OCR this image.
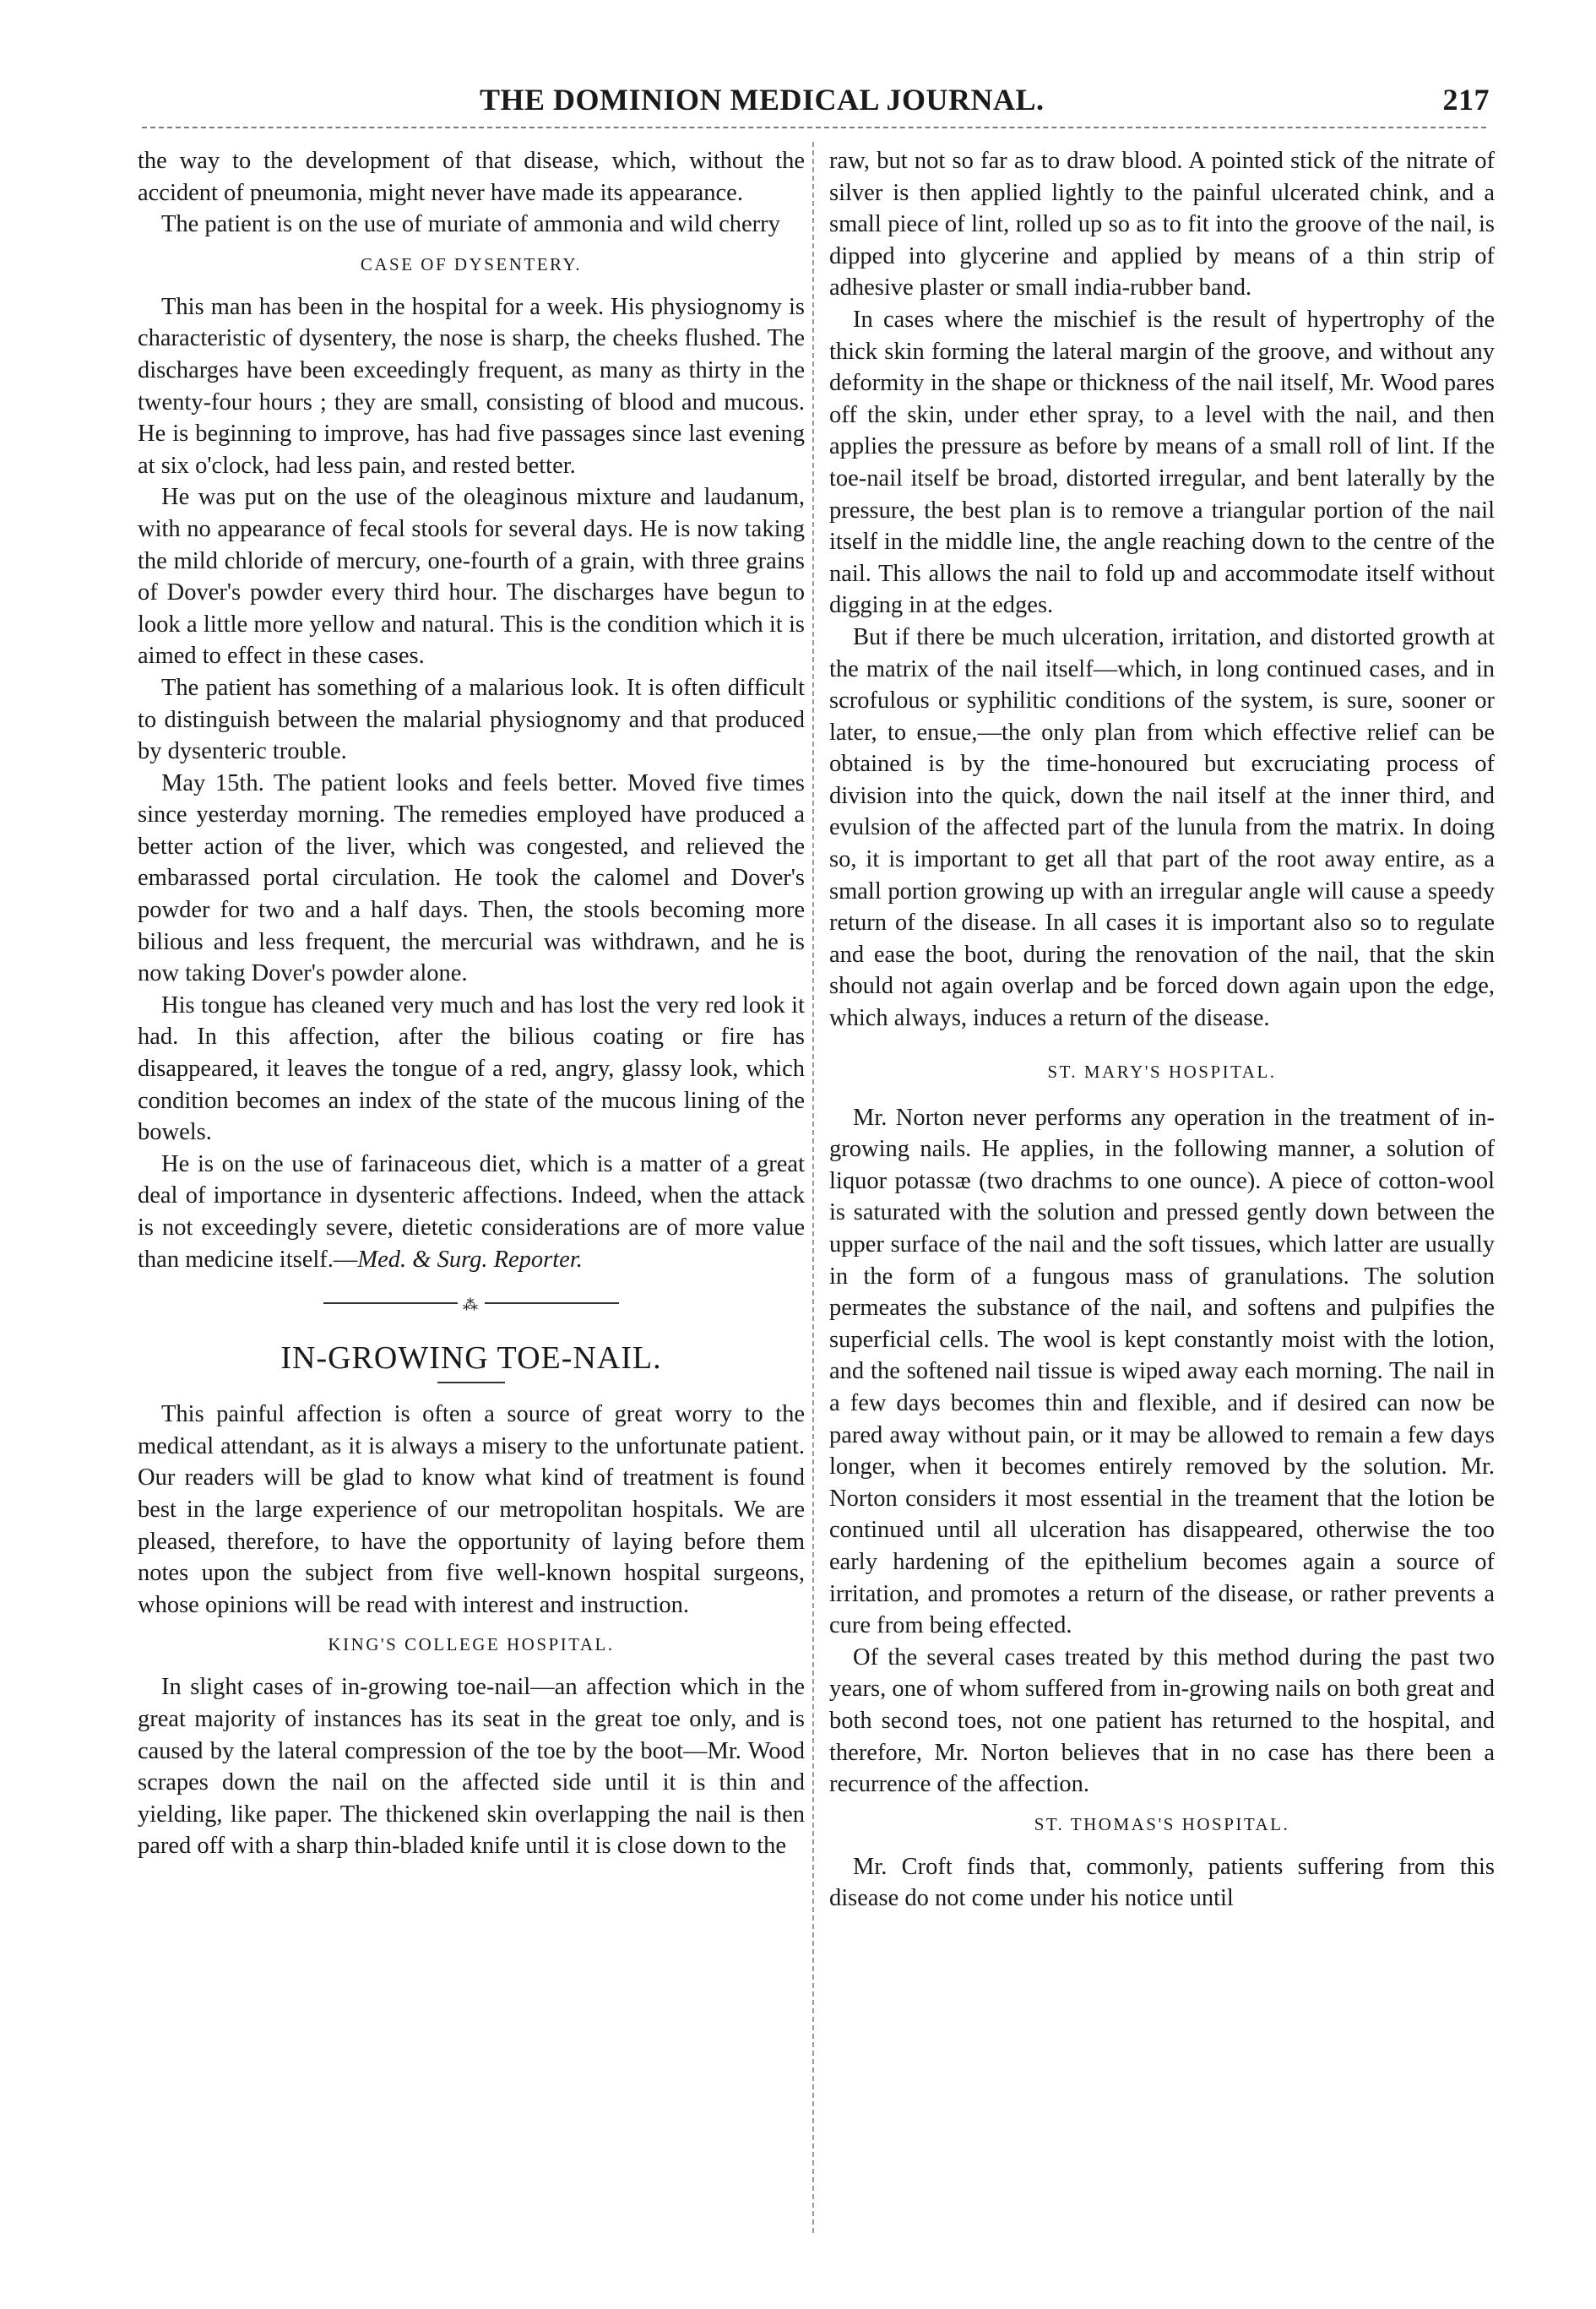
THE DOMINION MEDICAL JOURNAL.	217

the way to the development of that disease, which, without the accident of pneumonia, might never have made its appearance.

The patient is on the use of muriate of ammonia and wild cherry

CASE OF DYSENTERY.

This man has been in the hospital for a week. His physiognomy is characteristic of dysentery, the nose is sharp, the cheeks flushed. The discharges have been exceedingly frequent, as many as thirty in the twenty-four hours ; they are small, consisting of blood and mucous. He is beginning to improve, has had five passages since last evening at six o'clock, had less pain, and rested better.

He was put on the use of the oleaginous mixture and laudanum, with no appearance of fecal stools for several days. He is now taking the mild chloride of mercury, one-fourth of a grain, with three grains of Dover's powder every third hour. The discharges have begun to look a little more yellow and natural. This is the condition which it is aimed to effect in these cases.

The patient has something of a malarious look. It is often difficult to distinguish between the malarial physiognomy and that produced by dysenteric trouble.

May 15th. The patient looks and feels better. Moved five times since yesterday morning. The remedies employed have produced a better action of the liver, which was congested, and relieved the embarassed portal circulation. He took the calomel and Dover's powder for two and a half days. Then, the stools becoming more bilious and less frequent, the mercurial was withdrawn, and he is now taking Dover's powder alone.

His tongue has cleaned very much and has lost the very red look it had. In this affection, after the bilious coating or fire has disappeared, it leaves the tongue of a red, angry, glassy look, which condition becomes an index of the state of the mucous lining of the bowels.

He is on the use of farinaceous diet, which is a matter of a great deal of importance in dysenteric affections. Indeed, when the attack is not exceedingly severe, dietetic considerations are of more value than medicine itself.—Med. & Surg. Reporter.

⁂
IN-GROWING TOE-NAIL.

This painful affection is often a source of great worry to the medical attendant, as it is always a misery to the unfortunate patient. Our readers will be glad to know what kind of treatment is found best in the large experience of our metropolitan hospitals. We are pleased, therefore, to have the opportunity of laying before them notes upon the subject from five well-known hospital surgeons, whose opinions will be read with interest and instruction.

KING'S COLLEGE HOSPITAL.

In slight cases of in-growing toe-nail—an affection which in the great majority of instances has its seat in the great toe only, and is caused by the lateral compression of the toe by the boot—Mr. Wood scrapes down the nail on the affected side until it is thin and yielding, like paper. The thickened skin overlapping the nail is then pared off with a sharp thin-bladed knife until it is close down to the

raw, but not so far as to draw blood. A pointed stick of the nitrate of silver is then applied lightly to the painful ulcerated chink, and a small piece of lint, rolled up so as to fit into the groove of the nail, is dipped into glycerine and applied by means of a thin strip of adhesive plaster or small india-rubber band.

In cases where the mischief is the result of hypertrophy of the thick skin forming the lateral margin of the groove, and without any deformity in the shape or thickness of the nail itself, Mr. Wood pares off the skin, under ether spray, to a level with the nail, and then applies the pressure as before by means of a small roll of lint. If the toe-nail itself be broad, distorted irregular, and bent laterally by the pressure, the best plan is to remove a triangular portion of the nail itself in the middle line, the angle reaching down to the centre of the nail. This allows the nail to fold up and accommodate itself without digging in at the edges.

But if there be much ulceration, irritation, and distorted growth at the matrix of the nail itself—which, in long continued cases, and in scrofulous or syphilitic conditions of the system, is sure, sooner or later, to ensue,—the only plan from which effective relief can be obtained is by the time-honoured but excruciating process of division into the quick, down the nail itself at the inner third, and evulsion of the affected part of the lunula from the matrix. In doing so, it is important to get all that part of the root away entire, as a small portion growing up with an irregular angle will cause a speedy return of the disease. In all cases it is important also so to regulate and ease the boot, during the renovation of the nail, that the skin should not again overlap and be forced down again upon the edge, which always, induces a return of the disease.

ST. MARY'S HOSPITAL.

Mr. Norton never performs any operation in the treatment of in-growing nails. He applies, in the following manner, a solution of liquor potassæ (two drachms to one ounce). A piece of cotton-wool is saturated with the solution and pressed gently down between the upper surface of the nail and the soft tissues, which latter are usually in the form of a fungous mass of granulations. The solution permeates the substance of the nail, and softens and pulpifies the superficial cells. The wool is kept constantly moist with the lotion, and the softened nail tissue is wiped away each morning. The nail in a few days becomes thin and flexible, and if desired can now be pared away without pain, or it may be allowed to remain a few days longer, when it becomes entirely removed by the solution. Mr. Norton considers it most essential in the treament that the lotion be continued until all ulceration has disappeared, otherwise the too early hardening of the epithelium becomes again a source of irritation, and promotes a return of the disease, or rather prevents a cure from being effected.

Of the several cases treated by this method during the past two years, one of whom suffered from in-growing nails on both great and both second toes, not one patient has returned to the hospital, and therefore, Mr. Norton believes that in no case has there been a recurrence of the affection.

ST. THOMAS'S HOSPITAL.

Mr. Croft finds that, commonly, patients suffering from this disease do not come under his notice until
